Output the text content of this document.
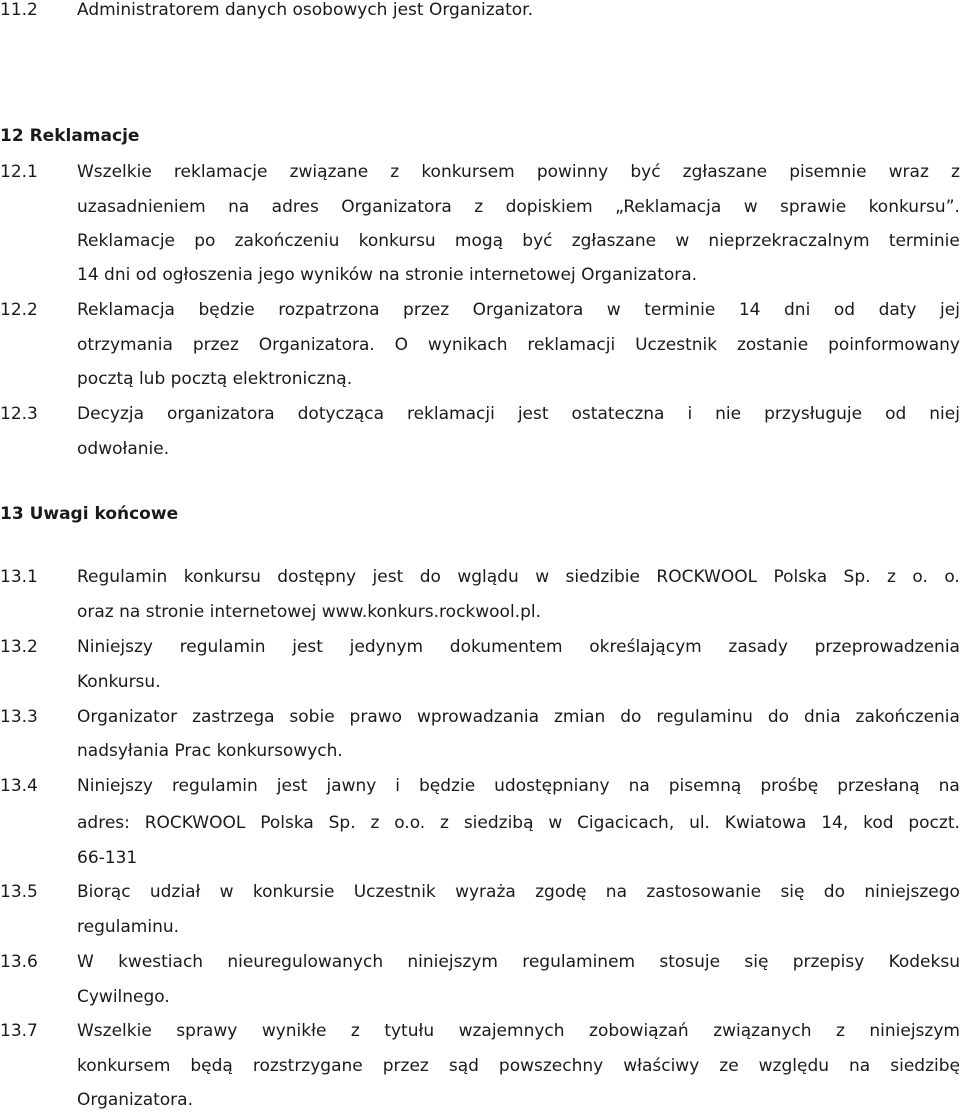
11.2 Administratorem danych osobowych jest Organizator.
12 Reklamacje
12.1 Wszelkie reklamacje związane z konkursem powinny być zgłaszane pisemnie wraz z
uzasadnieniem na adres Organizatora z dopiskiem „Reklamacja w sprawie konkursu”.
Reklamacje po zakończeniu konkursu mogą być zgłaszane w nieprzekraczalnym terminie
14 dni od ogłoszenia jego wyników na stronie internetowej Organizatora.
12.2 Reklamacja będzie rozpatrzona przez Organizatora w terminie 14 dni od daty jej
otrzymania przez Organizatora. O wynikach reklamacji Uczestnik zostanie poinformowany
pocztą lub pocztą elektroniczną.
12.3 Decyzja organizatora dotycząca reklamacji jest ostateczna i nie przysługuje od niej
odwołanie.
13 Uwagi końcowe
13.1 Regulamin konkursu dostępny jest do wglądu w siedzibie ROCKWOOL Polska Sp. z o. o.
oraz na stronie internetowej www.konkurs.rockwool.pl.
13.2 Niniejszy regulamin jest jedynym dokumentem określającym zasady przeprowadzenia
Konkursu.
13.3 Organizator zastrzega sobie prawo wprowadzania zmian do regulaminu do dnia zakończenia
nadsyłania Prac konkursowych.
13.4 Niniejszy regulamin jest jawny i będzie udostępniany na pisemną prośbę przesłaną na
adres: ROCKWOOL Polska Sp. z o.o. z siedzibą w Cigacicach, ul. Kwiatowa 14, kod poczt.
66-131
13.5 Biorąc udział w konkursie Uczestnik wyraża zgodę na zastosowanie się do niniejszego
regulaminu.
13.6 W kwestiach nieuregulowanych niniejszym regulaminem stosuje się przepisy Kodeksu
Cywilnego.
13.7 Wszelkie sprawy wynikłe z tytułu wzajemnych zobowiązań związanych z niniejszym
konkursem będą rozstrzygane przez sąd powszechny właściwy ze względu na siedzibę
Organizatora.
